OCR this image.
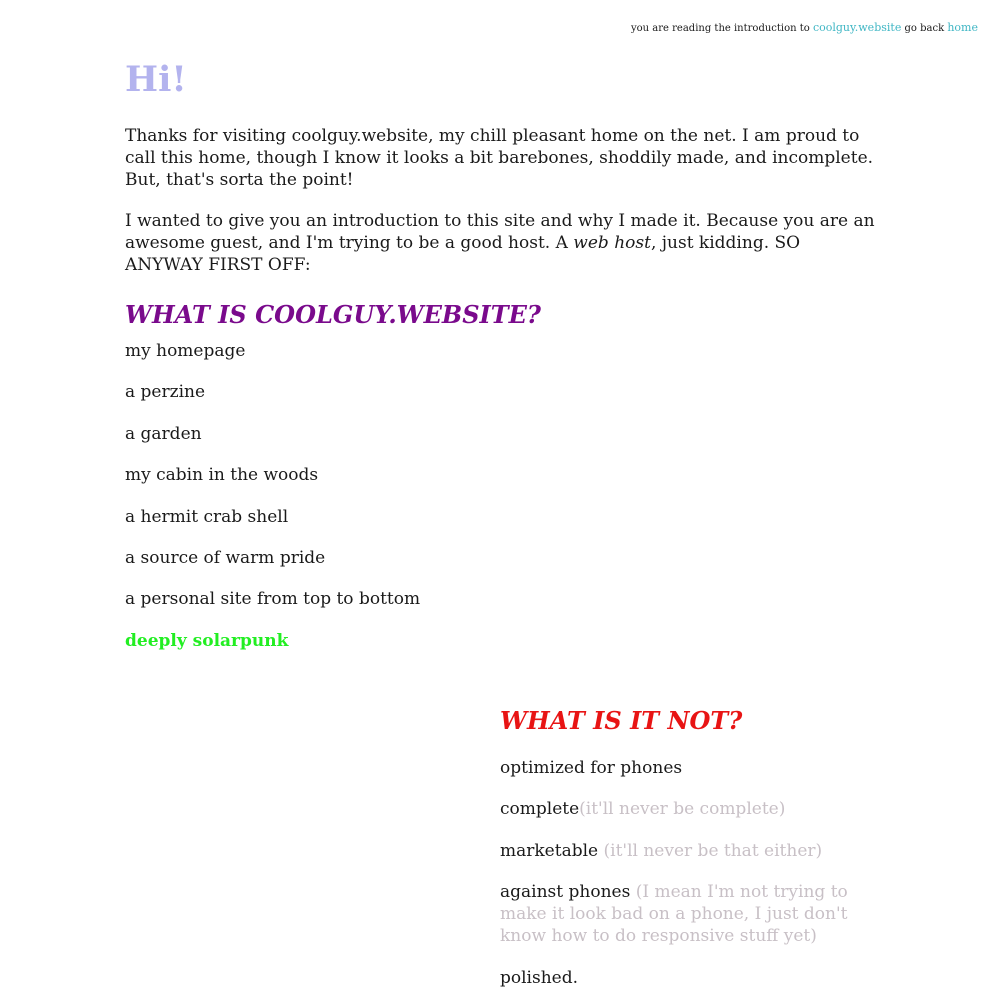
you are reading the introduction to coolguy.website go back home
Hi!

Thanks for visiting coolguy.website, my chill pleasant home on the net. I am proud to call this home, though I know it looks a bit barebones, shoddily made, and incomplete. But, that's sorta the point!

I wanted to give you an introduction to this site and why I made it. Because you are an awesome guest, and I'm trying to be a good host. A web host, just kidding. SO ANYWAY FIRST OFF:

WHAT IS COOLGUY.WEBSITE?
my homepage
a perzine
a garden
my cabin in the woods
a hermit crab shell
a source of warm pride
a personal site from top to bottom
deeply solarpunk
WHAT IS IT NOT?
optimized for phones
complete(it'll never be complete)
marketable (it'll never be that either)
against phones (I mean I'm not trying to make it look bad on a phone, I just don't know how to do responsive stuff yet)
polished.
